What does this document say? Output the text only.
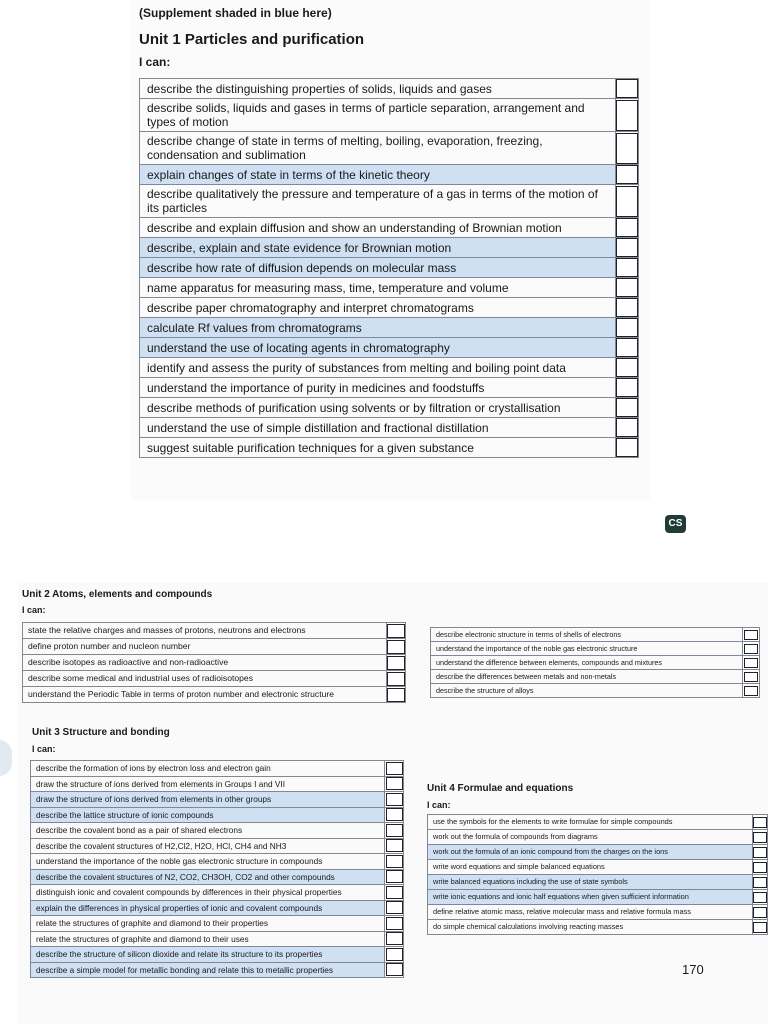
(Supplement shaded in blue here)
Unit 1 Particles and purification
I can:
describe the distinguishing properties of solids, liquids and gases	

describe solids, liquids and gases in terms of particle separation, arrangement and types of motion	

describe change of state in terms of melting, boiling, evaporation, freezing, condensation and sublimation	

explain changes of state in terms of the kinetic theory	

describe qualitatively the pressure and temperature of a gas in terms of the motion of its particles	

describe and explain diffusion and show an understanding of Brownian motion	

describe, explain and state evidence for Brownian motion	

describe how rate of diffusion depends on molecular mass	

name apparatus for measuring mass, time, temperature and volume	

describe paper chromatography and interpret chromatograms	

calculate Rf values from chromatograms	

understand the use of locating agents in chromatography	

identify and assess the purity of substances from melting and boiling point data	

understand the importance of purity in medicines and foodstuffs	

describe methods of purification using solvents or by filtration or crystallisation	

understand the use of simple distillation and fractional distillation	

suggest suitable purification techniques for a given substance	
CS
Unit 2 Atoms, elements and compounds
I can:
state the relative charges and masses of protons, neutrons and electrons	

define proton number and nucleon number	

describe isotopes as radioactive and non-radioactive	

describe some medical and industrial uses of radioisotopes	

understand the Periodic Table in terms of proton number and electronic structure	
describe electronic structure in terms of shells of electrons	

understand the importance of the noble gas electronic structure	

understand the difference between elements, compounds and mixtures	

describe the differences between metals and non-metals	

describe the structure of alloys	
Unit 3 Structure and bonding
I can:
describe the formation of ions by electron loss and electron gain	

draw the structure of ions derived from elements in Groups I and VII	

draw the structure of ions derived from elements in other groups	

describe the lattice structure of ionic compounds	

describe the covalent bond as a pair of shared electrons	

describe the covalent structures of H2,Cl2, H2O, HCl, CH4 and NH3	

understand the importance of the noble gas electronic structure in compounds	

describe the covalent structures of N2, CO2, CH3OH, CO2 and other compounds	

distinguish ionic and covalent compounds by differences in their physical properties	

explain the differences in physical properties of ionic and covalent compounds	

relate the structures of graphite and diamond to their properties	

relate the structures of graphite and diamond to their uses	

describe the structure of silicon dioxide and relate its structure to its properties	

describe a simple model for metallic bonding and relate this to metallic properties	
Unit 4 Formulae and equations
I can:
use the symbols for the elements to write formulae for simple compounds	

work out the formula of compounds from diagrams	

work out the formula of an ionic compound from the charges on the ions	

write word equations and simple balanced equations	

write balanced equations including the use of state symbols	

write ionic equations and ionic half equations when given sufficient information	

define relative atomic mass, relative molecular mass and relative formula mass	

do simple chemical calculations involving reacting masses	
170
